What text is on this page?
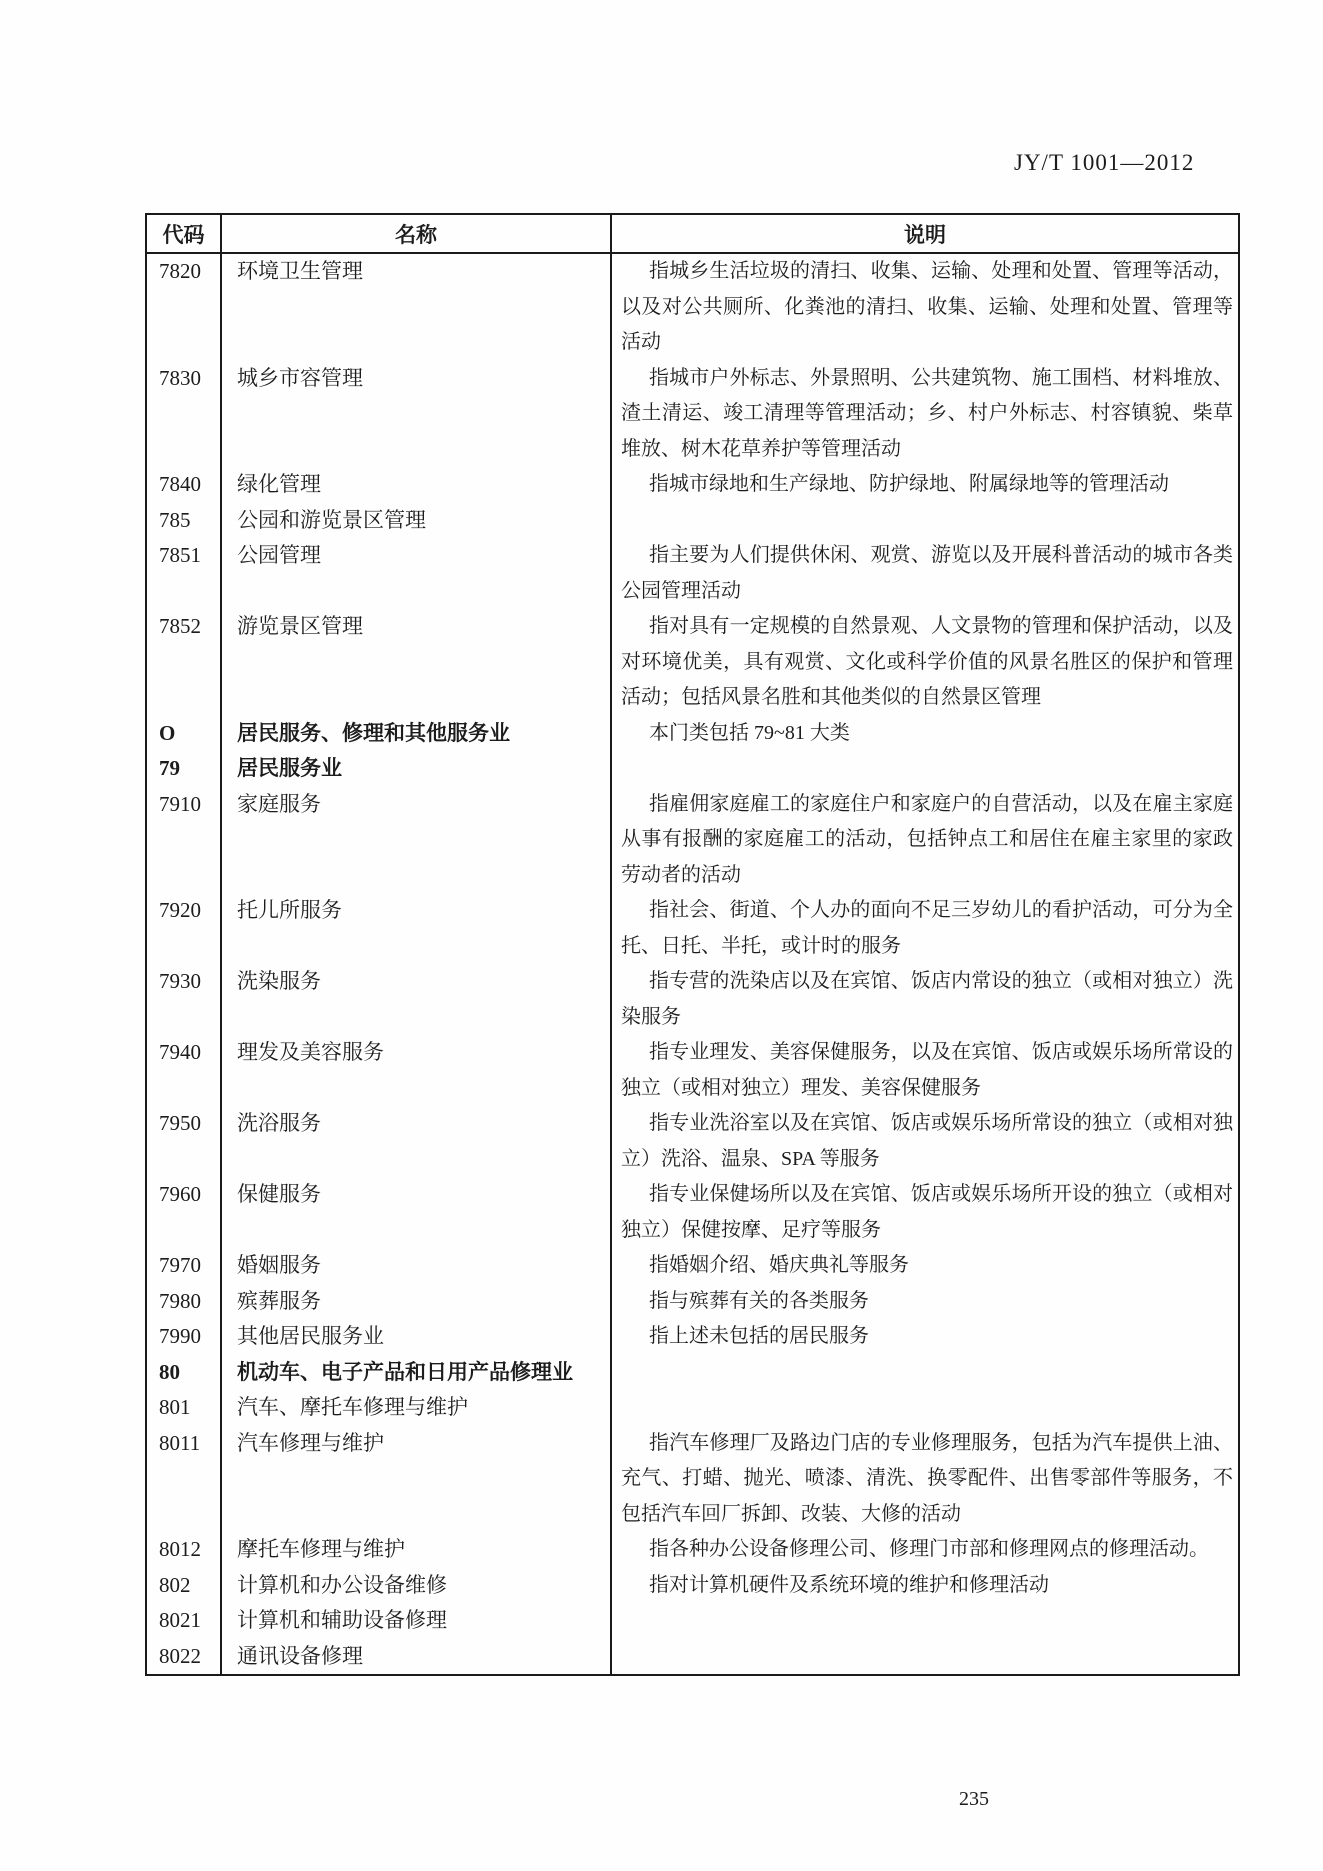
JY/T 1001—2012
代码	名称	说明
7820	环境卫生管理	指城乡生活垃圾的清扫、收集、运输、处理和处置、管理等活动，以及对公共厕所、化粪池的清扫、收集、运输、处理和处置、管理等活动

7830	城乡市容管理	指城市户外标志、外景照明、公共建筑物、施工围档、材料堆放、渣土清运、竣工清理等管理活动；乡、村户外标志、村容镇貌、柴草堆放、树木花草养护等管理活动

7840	绿化管理	指城市绿地和生产绿地、防护绿地、附属绿地等的管理活动

785	公园和游览景区管理	
7851	公园管理	指主要为人们提供休闲、观赏、游览以及开展科普活动的城市各类公园管理活动

7852	游览景区管理	指对具有一定规模的自然景观、人文景物的管理和保护活动，以及对环境优美，具有观赏、文化或科学价值的风景名胜区的保护和管理活动；包括风景名胜和其他类似的自然景区管理

O	居民服务、修理和其他服务业	本门类包括 79~81 大类

79	居民服务业	
7910	家庭服务	指雇佣家庭雇工的家庭住户和家庭户的自营活动，以及在雇主家庭从事有报酬的家庭雇工的活动，包括钟点工和居住在雇主家里的家政劳动者的活动

7920	托儿所服务	指社会、街道、个人办的面向不足三岁幼儿的看护活动，可分为全托、日托、半托，或计时的服务

7930	洗染服务	指专营的洗染店以及在宾馆、饭店内常设的独立（或相对独立）洗染服务

7940	理发及美容服务	指专业理发、美容保健服务，以及在宾馆、饭店或娱乐场所常设的独立（或相对独立）理发、美容保健服务

7950	洗浴服务	指专业洗浴室以及在宾馆、饭店或娱乐场所常设的独立（或相对独立）洗浴、温泉、SPA 等服务

7960	保健服务	指专业保健场所以及在宾馆、饭店或娱乐场所开设的独立（或相对独立）保健按摩、足疗等服务

7970	婚姻服务	指婚姻介绍、婚庆典礼等服务

7980	殡葬服务	指与殡葬有关的各类服务

7990	其他居民服务业	指上述未包括的居民服务

80	机动车、电子产品和日用产品修理业	
801	汽车、摩托车修理与维护	
8011	汽车修理与维护	指汽车修理厂及路边门店的专业修理服务，包括为汽车提供上油、充气、打蜡、抛光、喷漆、清洗、换零配件、出售零部件等服务，不包括汽车回厂拆卸、改装、大修的活动

8012	摩托车修理与维护	指各种办公设备修理公司、修理门市部和修理网点的修理活动。

802	计算机和办公设备维修	指对计算机硬件及系统环境的维护和修理活动

8021	计算机和辅助设备修理	
8022	通讯设备修理	
235
